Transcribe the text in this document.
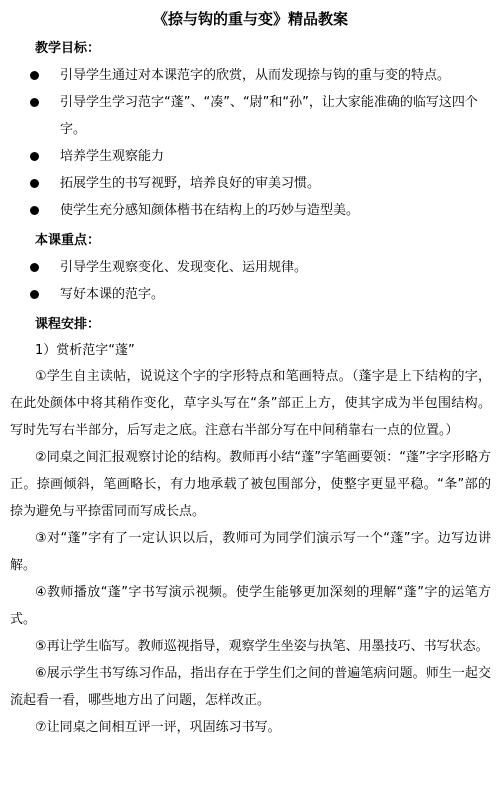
《捺与钩的重与变》精品教案
教学目标：
引导学生通过对本课范字的欣赏，从而发现捺与钩的重与变的特点。
引导学生学习范字“蓬”、“凑”、“尉”和“孙”，让大家能准确的临写这四个字。
培养学生观察能力
拓展学生的书写视野，培养良好的审美习惯。
使学生充分感知颜体楷书在结构上的巧妙与造型美。
本课重点：
引导学生观察变化、发现变化、运用规律。
写好本课的范字。
课程安排：
1）赏析范字“蓬”

①学生自主读帖，说说这个字的字形特点和笔画特点。（蓬字是上下结构的字，在此处颜体中将其稍作变化，草字头写在“条”部正上方，使其字成为半包围结构。写时先写右半部分，后写走之底。注意右半部分写在中间稍靠右一点的位置。）

②同桌之间汇报观察讨论的结构。教师再小结“蓬”字笔画要领：“蓬”字字形略方正。捺画倾斜，笔画略长，有力地承载了被包围部分，使整字更显平稳。“夆”部的捺为避免与平捺雷同而写成长点。

③对“蓬”字有了一定认识以后，教师可为同学们演示写一个“蓬”字。边写边讲解。

④教师播放“蓬”字书写演示视频。使学生能够更加深刻的理解“蓬”字的运笔方式。

⑤再让学生临写。教师巡视指导，观察学生坐姿与执笔、用墨技巧、书写状态。

⑥展示学生书写练习作品，指出存在于学生们之间的普遍笔病问题。师生一起交流起看一看，哪些地方出了问题，怎样改正。

⑦让同桌之间相互评一评，巩固练习书写。
